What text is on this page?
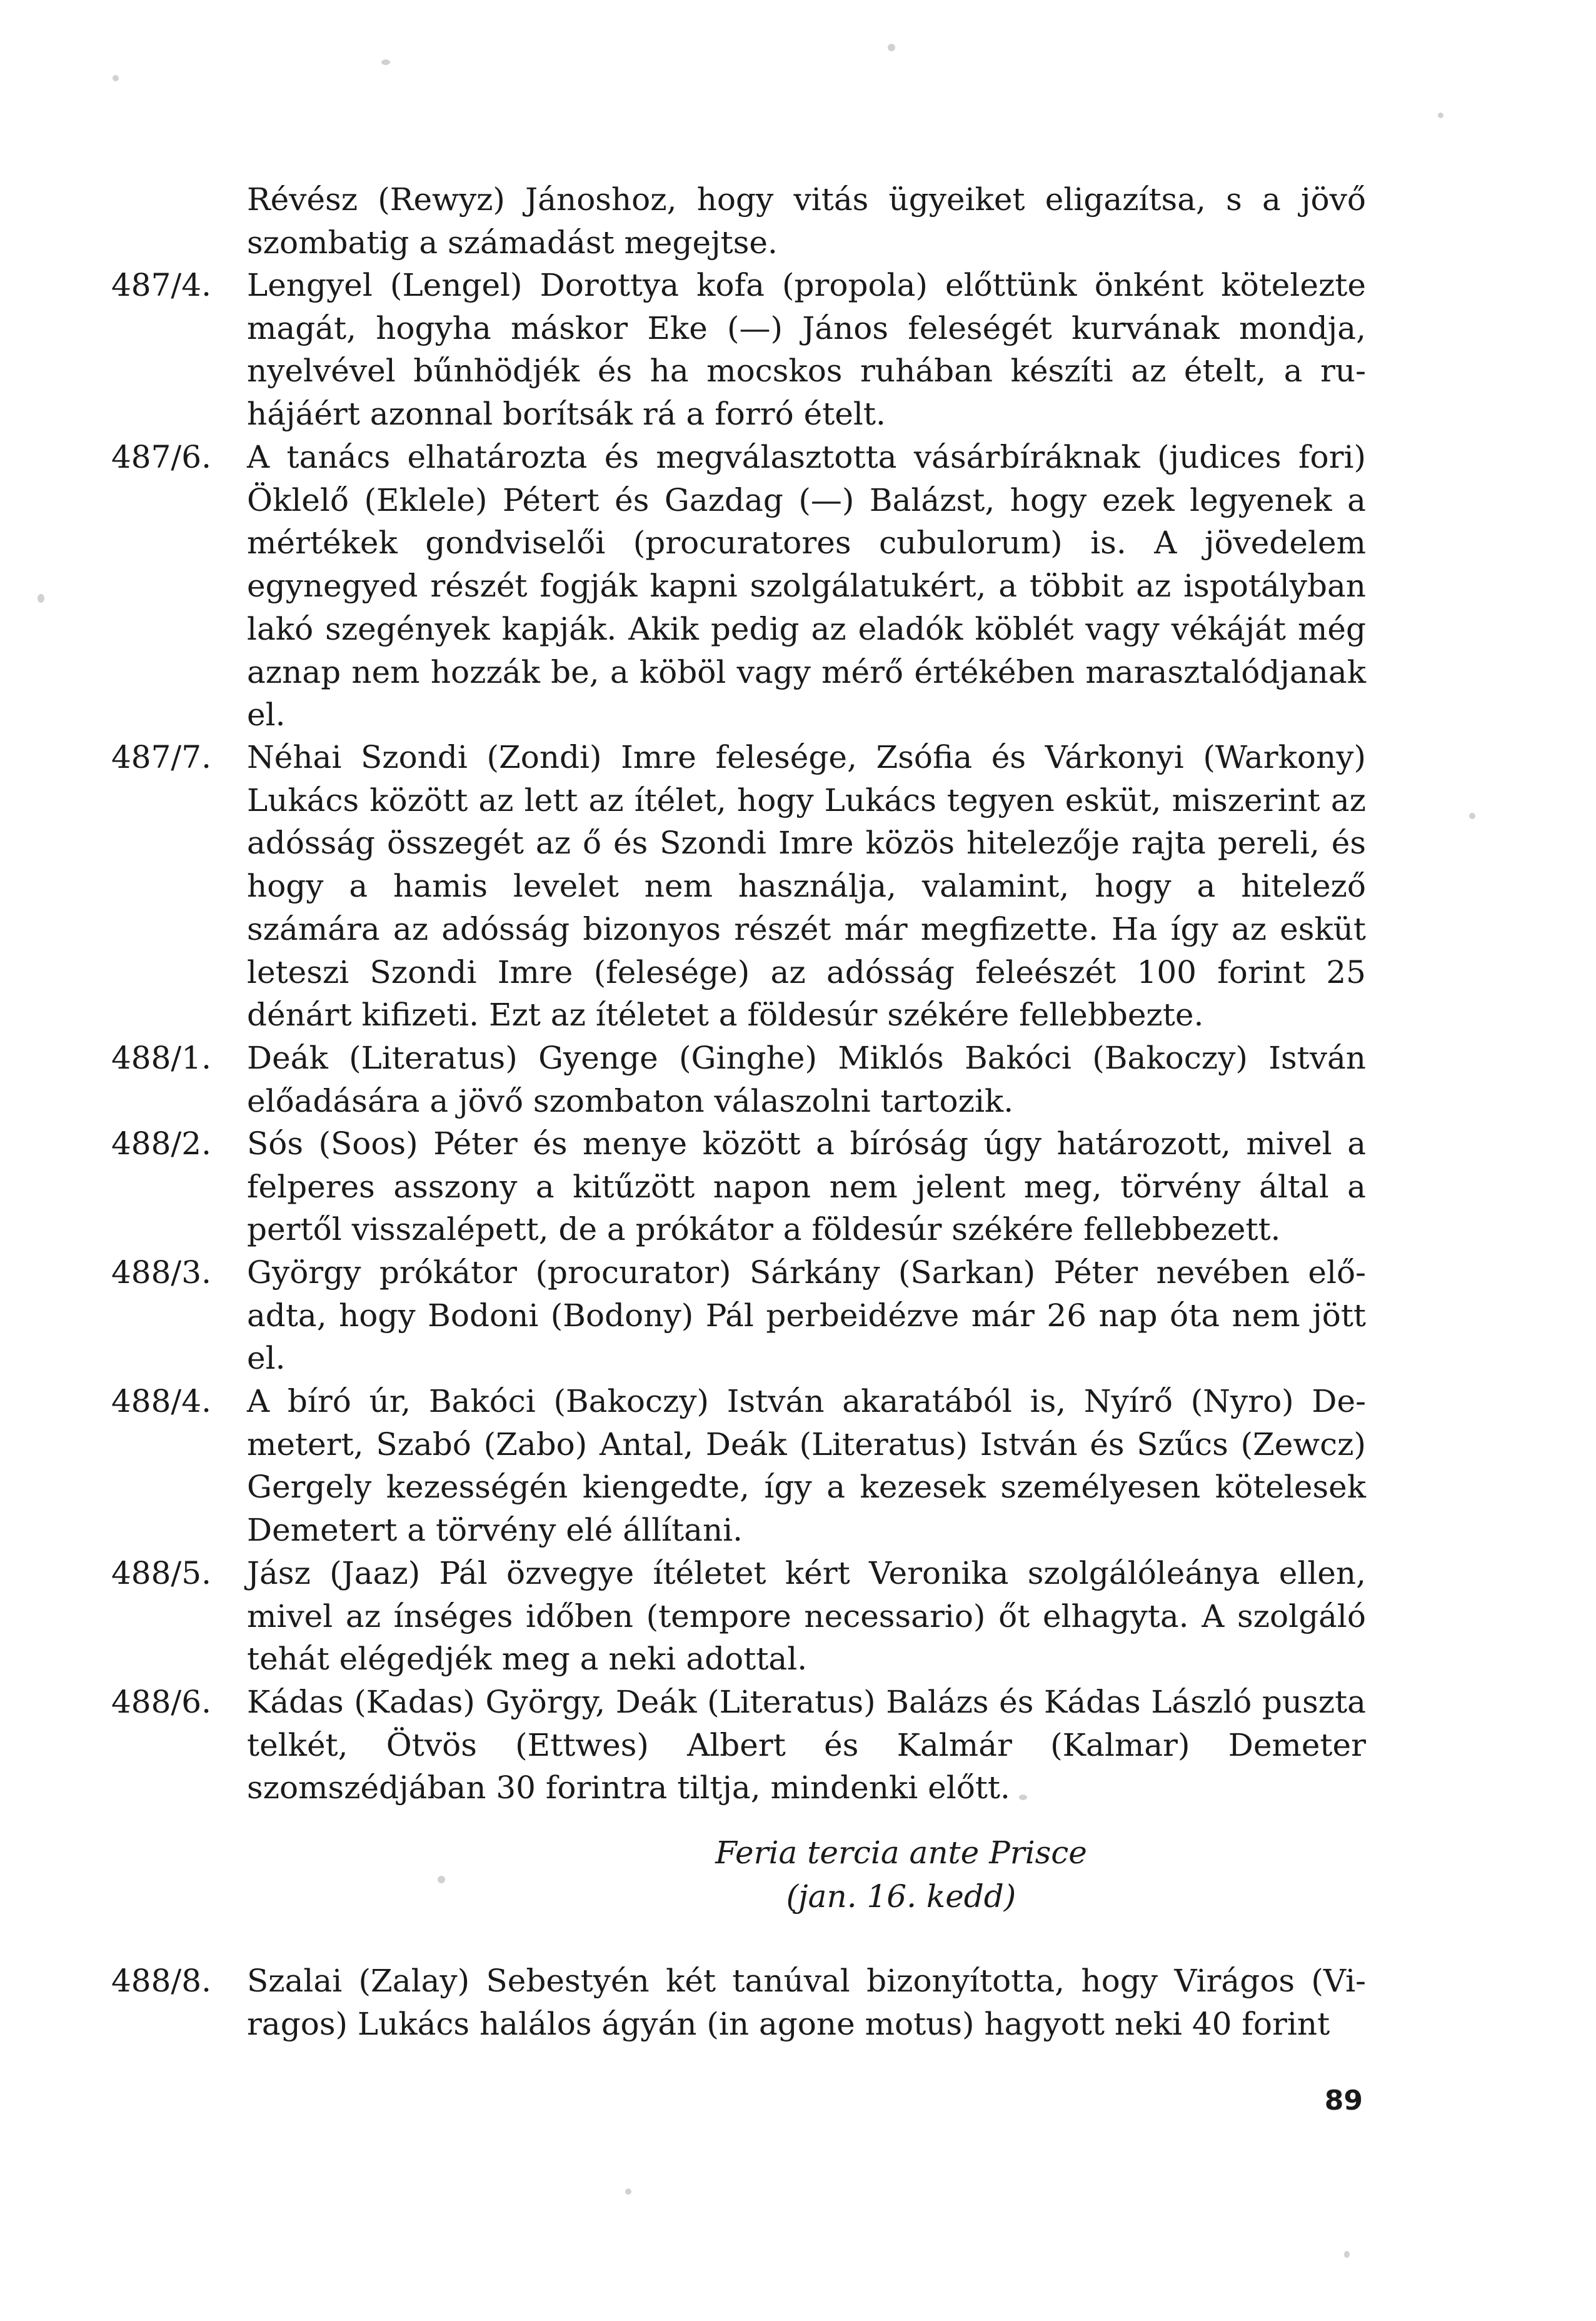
Révész (Rewyz) Jánoshoz, hogy vitás ügyeiket eligazítsa, s a jövő szombatig a számadást megejtse.
487/4.	Lengyel (Lengel) Dorottya kofa (propola) előttünk önként kötelezte magát, hogyha máskor Eke (—) János feleségét kurvának mondja, nyelvével bűnhödjék és ha mocskos ruhában készíti az ételt, a ruhájáért azonnal borítsák rá a forró ételt.
487/6.	A tanács elhatározta és megválasztotta vásárbíráknak (judices fori) Öklelő (Eklele) Pétert és Gazdag (—) Balázst, hogy ezek legyenek a mértékek gondviselői (procuratores cubulorum) is. A jövedelem egynegyed részét fogják kapni szolgálatukért, a többit az ispotályban lakó szegények kapják. Akik pedig az eladók köblét vagy vékáját még aznap nem hozzák be, a köböl vagy mérő értékében marasztalódjanak el.
487/7.	Néhai Szondi (Zondi) Imre felesége, Zsófia és Várkonyi (Warkony) Lukács között az lett az ítélet, hogy Lukács tegyen esküt, miszerint az adósság összegét az ő és Szondi Imre közös hitelezője rajta pereli, és hogy a hamis levelet nem használja, valamint, hogy a hitelező számára az adósság bizonyos részét már megfizette. Ha így az esküt leteszi Szondi Imre (felesége) az adósság feleészét 100 forint 25 dénárt kifizeti. Ezt az ítéletet a földesúr székére fellebbezte.
488/1.	Deák (Literatus) Gyenge (Ginghe) Miklós Bakóci (Bakoczy) István előadására a jövő szombaton válaszolni tartozik.
488/2.	Sós (Soos) Péter és menye között a bíróság úgy határozott, mivel a felperes asszony a kitűzött napon nem jelent meg, törvény által a pertől visszalépett, de a prókátor a földesúr székére fellebbezett.
488/3.	György prókátor (procurator) Sárkány (Sarkan) Péter nevében előadta, hogy Bodoni (Bodony) Pál perbeidézve már 26 nap óta nem jött el.
488/4.	A bíró úr, Bakóci (Bakoczy) István akaratából is, Nyírő (Nyro) Demetert, Szabó (Zabo) Antal, Deák (Literatus) István és Szűcs (Zewcz) Gergely kezességén kiengedte, így a kezesek személyesen kötelesek Demetert a törvény elé állítani.
488/5.	Jász (Jaaz) Pál özvegye ítéletet kért Veronika szolgálóleánya ellen, mivel az ínséges időben (tempore necessario) őt elhagyta. A szolgáló tehát elégedjék meg a neki adottal.
488/6.	Kádas (Kadas) György, Deák (Literatus) Balázs és Kádas László puszta telkét, Ötvös (Ettwes) Albert és Kalmár (Kalmar) Demeter szomszédjában 30 forintra tiltja, mindenki előtt.
Feria tercia ante Prisce
(jan. 16. kedd)
488/8.	Szalai (Zalay) Sebestyén két tanúval bizonyította, hogy Virágos (Viragos) Lukács halálos ágyán (in agone motus) hagyott neki 40 forint
89
